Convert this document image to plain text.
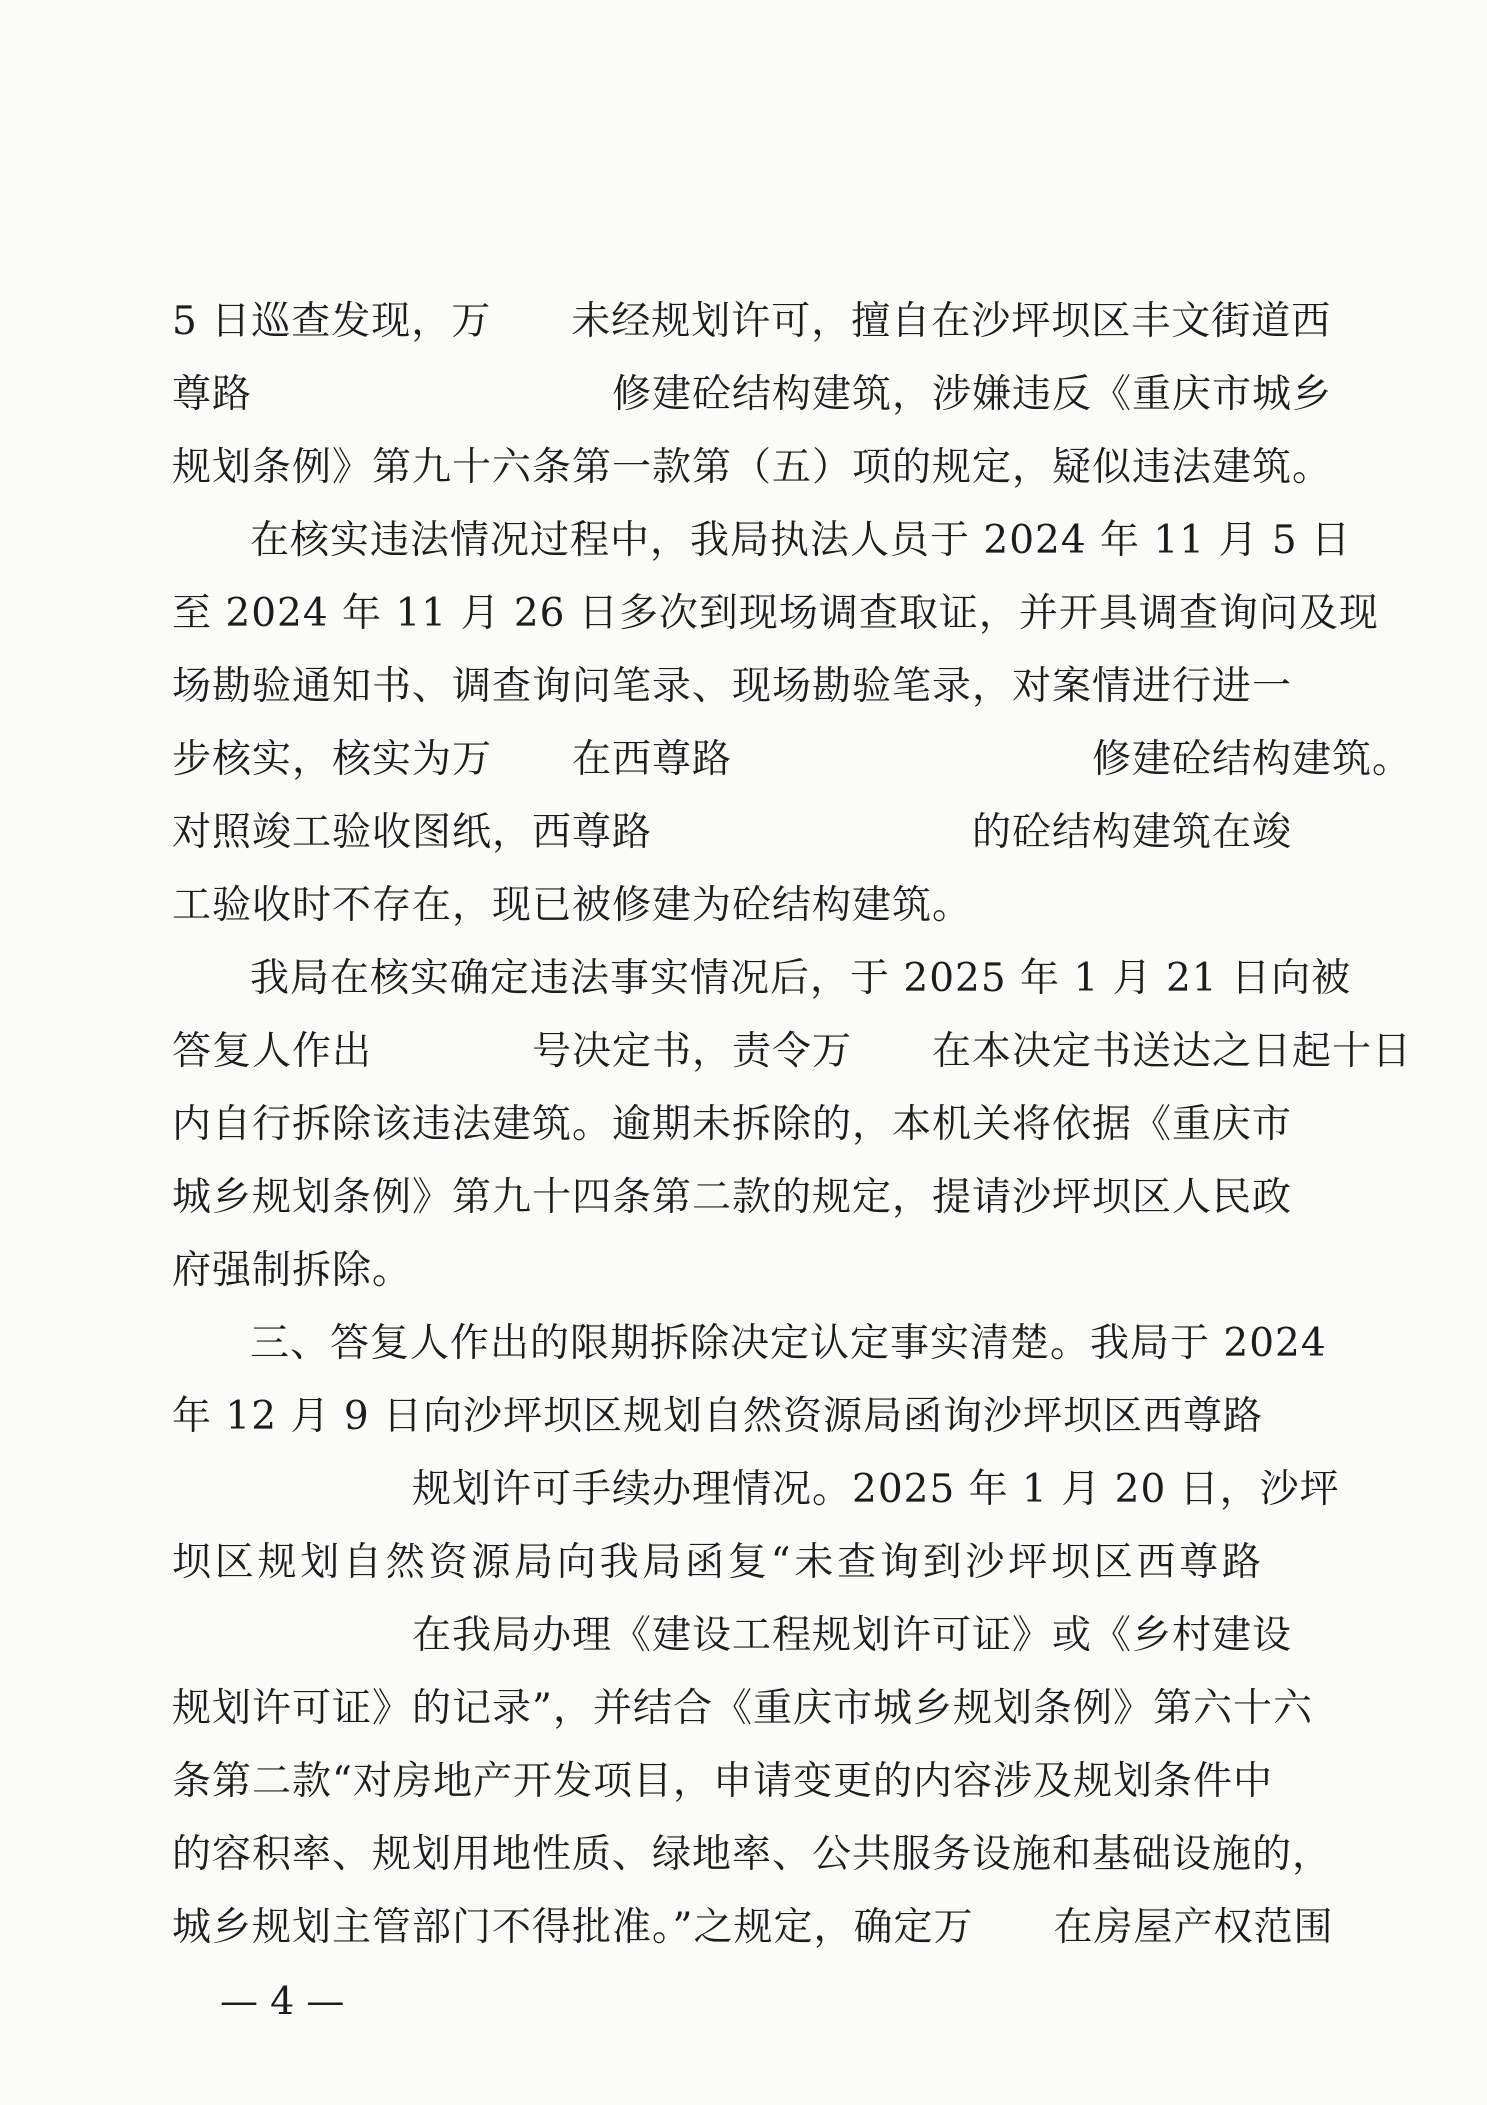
5 日巡查发现，万　　未经规划许可，擅自在沙坪坝区丰文街道西
尊路　　　　　　　　　修建砼结构建筑，涉嫌违反《重庆市城乡
规划条例》第九十六条第一款第（五）项的规定，疑似违法建筑。
在核实违法情况过程中，我局执法人员于 2024 年 11 月 5 日
至 2024 年 11 月 26 日多次到现场调查取证，并开具调查询问及现
场勘验通知书、调查询问笔录、现场勘验笔录，对案情进行进一
步核实，核实为万　　在西尊路　　　　　　　　　修建砼结构建筑。
对照竣工验收图纸，西尊路　　　　　　　　的砼结构建筑在竣
工验收时不存在，现已被修建为砼结构建筑。
我局在核实确定违法事实情况后，于 2025 年 1 月 21 日向被
答复人作出　　　　号决定书，责令万　　在本决定书送达之日起十日
内自行拆除该违法建筑。逾期未拆除的，本机关将依据《重庆市
城乡规划条例》第九十四条第二款的规定，提请沙坪坝区人民政
府强制拆除。
三、答复人作出的限期拆除决定认定事实清楚。我局于 2024
年 12 月 9 日向沙坪坝区规划自然资源局函询沙坪坝区西尊路　　　
　　　　　　规划许可手续办理情况。2025 年 1 月 20 日，沙坪
坝区规划自然资源局向我局函复“未查询到沙坪坝区西尊路　　　
　　　　　　在我局办理《建设工程规划许可证》或《乡村建设
规划许可证》的记录”，并结合《重庆市城乡规划条例》第六十六
条第二款“对房地产开发项目，申请变更的内容涉及规划条件中
的容积率、规划用地性质、绿地率、公共服务设施和基础设施的，
城乡规划主管部门不得批准。”之规定，确定万　　在房屋产权范围
— 4 —
